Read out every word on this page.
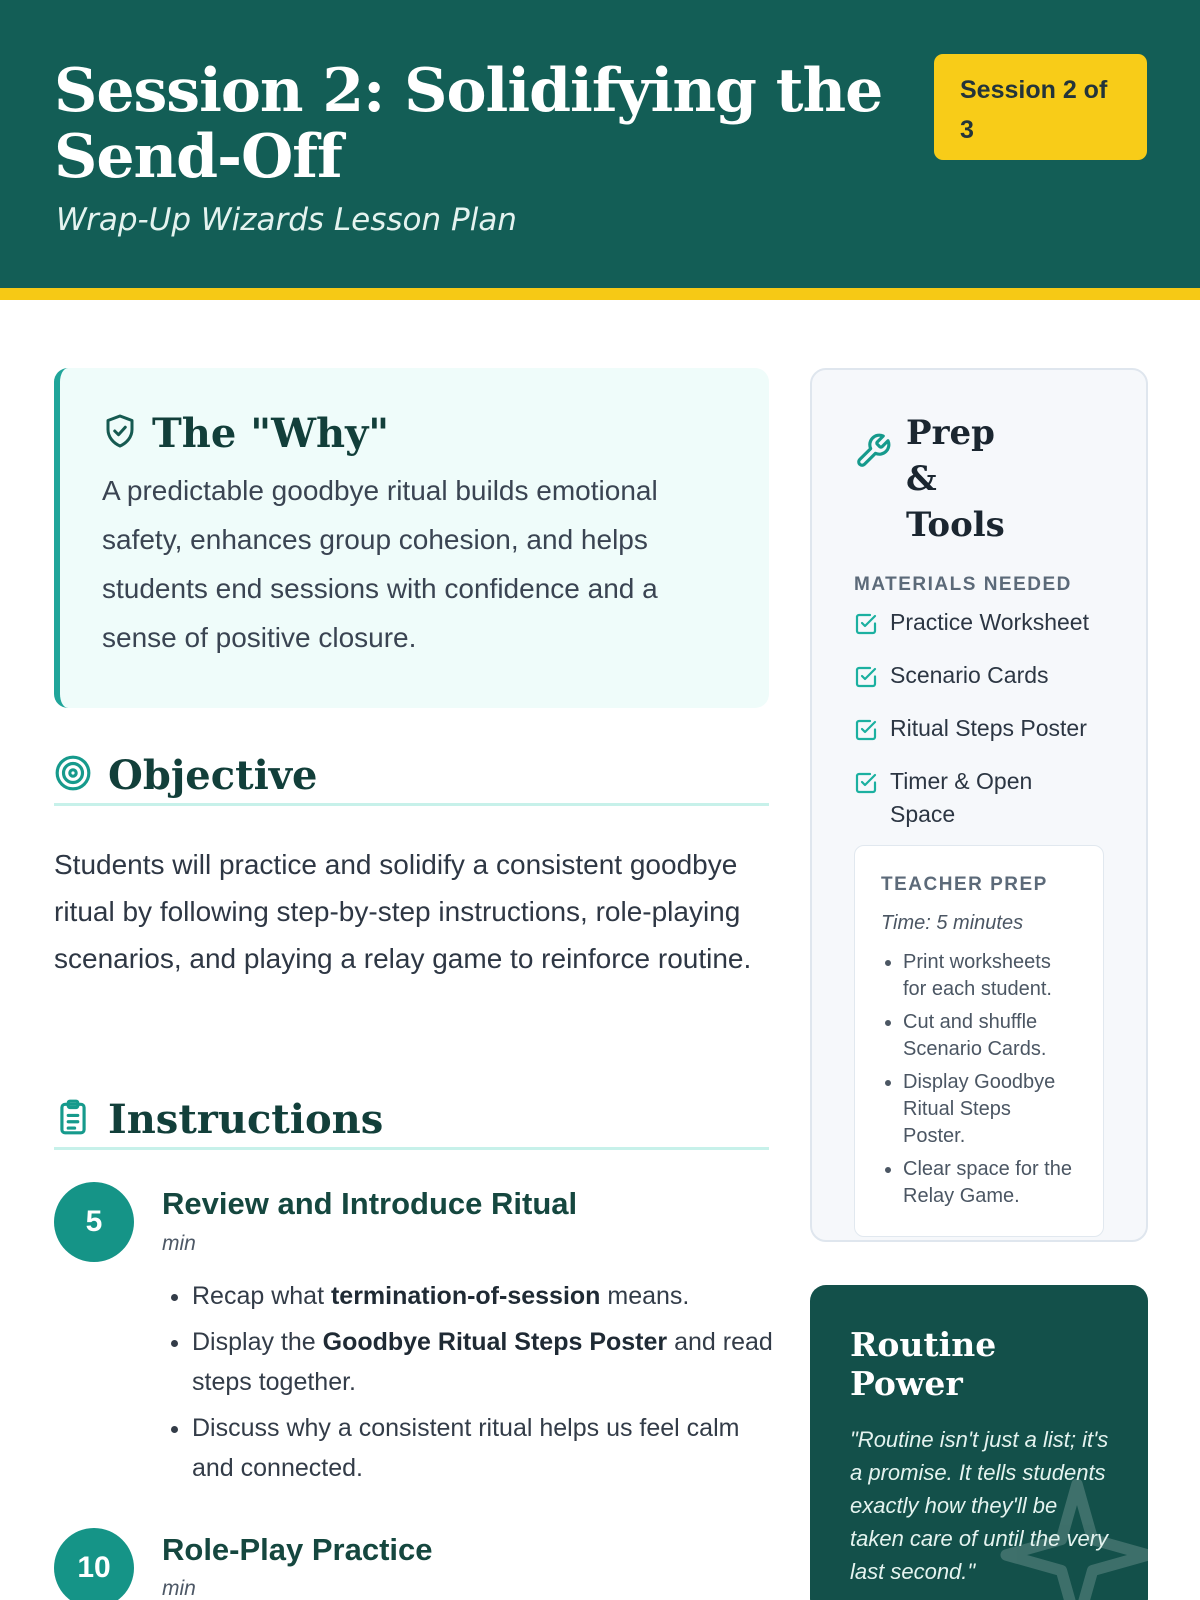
Session 2: Solidifying the Send-Off
Wrap-Up Wizards Lesson Plan
Session 2 of 3
The "Why"
A predictable goodbye ritual builds emotional safety, enhances group cohesion, and helps students end sessions with confidence and a sense of positive closure.
Objective
Students will practice and solidify a consistent goodbye ritual by following step-by-step instructions, role-playing scenarios, and playing a relay game to reinforce routine.
Instructions
5
Review and Introduce Ritual
min
• Recap what termination-of-session means.
• Display the Goodbye Ritual Steps Poster and read steps together.
• Discuss why a consistent ritual helps us feel calm and connected.
10
Role-Play Practice
min
Prep & Tools
MATERIALS NEEDED
Practice Worksheet
Scenario Cards
Ritual Steps Poster
Timer & Open Space
TEACHER PREP
Time: 5 minutes
• Print worksheets for each student.
• Cut and shuffle Scenario Cards.
• Display Goodbye Ritual Steps Poster.
• Clear space for the Relay Game.
Routine Power
"Routine isn't just a list; it's a promise. It tells students exactly how they'll be taken care of until the very last second."
